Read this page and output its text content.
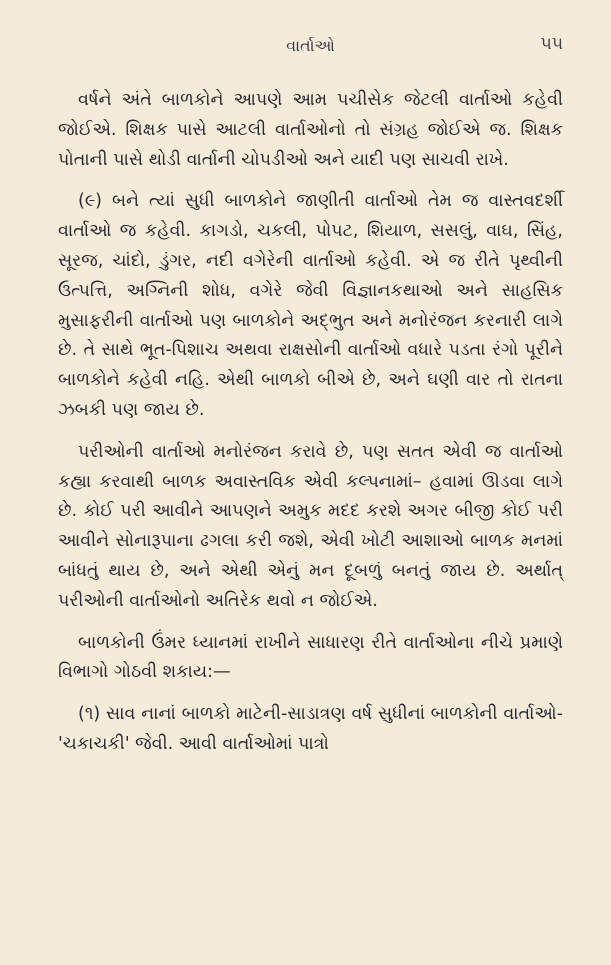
વાર્તાઓ	૫૫

વર્ષને અંતે બાળકોને આપણે આમ પચીસેક જેટલી વાર્તાઓ કહેવી જોઈએ. શિક્ષક પાસે આટલી વાર્તાઓનો તો સંગ્રહ જોઈએ જ. શિક્ષક પોતાની પાસે થોડી વાર્તાની ચોપડીઓ અને યાદી પણ સાચવી રાખે.

(૯) બને ત્યાં સુધી બાળકોને જાણીતી વાર્તાઓ તેમ જ વાસ્તવદર્શી વાર્તાઓ જ કહેવી. કાગડો, ચકલી, પોપટ, શિયાળ, સસલું, વાઘ, સિંહ, સૂરજ, ચાંદો, ડુંગર, નદી વગેરેની વાર્તાઓ કહેવી. એ જ રીતે પૃથ્વીની ઉત્પત્તિ, અગ્નિની શોધ, વગેરે જેવી વિજ્ઞાનકથાઓ અને સાહસિક મુસાફરીની વાર્તાઓ પણ બાળકોને અદ્ભુત અને મનોરંજન કરનારી લાગે છે. તે સાથે ભૂત-પિશાચ અથવા રાક્ષસોની વાર્તાઓ વધારે પડતા રંગો પૂરીને બાળકોને કહેવી નહિ. એથી બાળકો બીએ છે, અને ઘણી વાર તો રાતના ઝબકી પણ જાય છે.

પરીઓની વાર્તાઓ મનોરંજન કરાવે છે, પણ સતત એવી જ વાર્તાઓ કહ્યા કરવાથી બાળક અવાસ્તવિક એવી કલ્પનામાં– હવામાં ઊડવા લાગે છે. કોઈ પરી આવીને આપણને અમુક મદદ કરશે અગર બીજી કોઈ પરી આવીને સોનારૂપાના ઢગલા કરી જશે, એવી ખોટી આશાઓ બાળક મનમાં બાંધતું થાય છે, અને એથી એનું મન દૂબળું બનતું જાય છે. અર્થાત્ પરીઓની વાર્તાઓનો અતિરેક થવો ન જોઈએ.

બાળકોની ઉંમર ધ્યાનમાં રાખીને સાધારણ રીતે વાર્તાઓના નીચે પ્રમાણે વિભાગો ગોઠવી શકાય:—

(૧) સાવ નાનાં બાળકો માટેની-સાડાત્રણ વર્ષ સુધીનાં બાળકોની વાર્તાઓ-'ચકાચકી' જેવી. આવી વાર્તાઓમાં પાત્રો
